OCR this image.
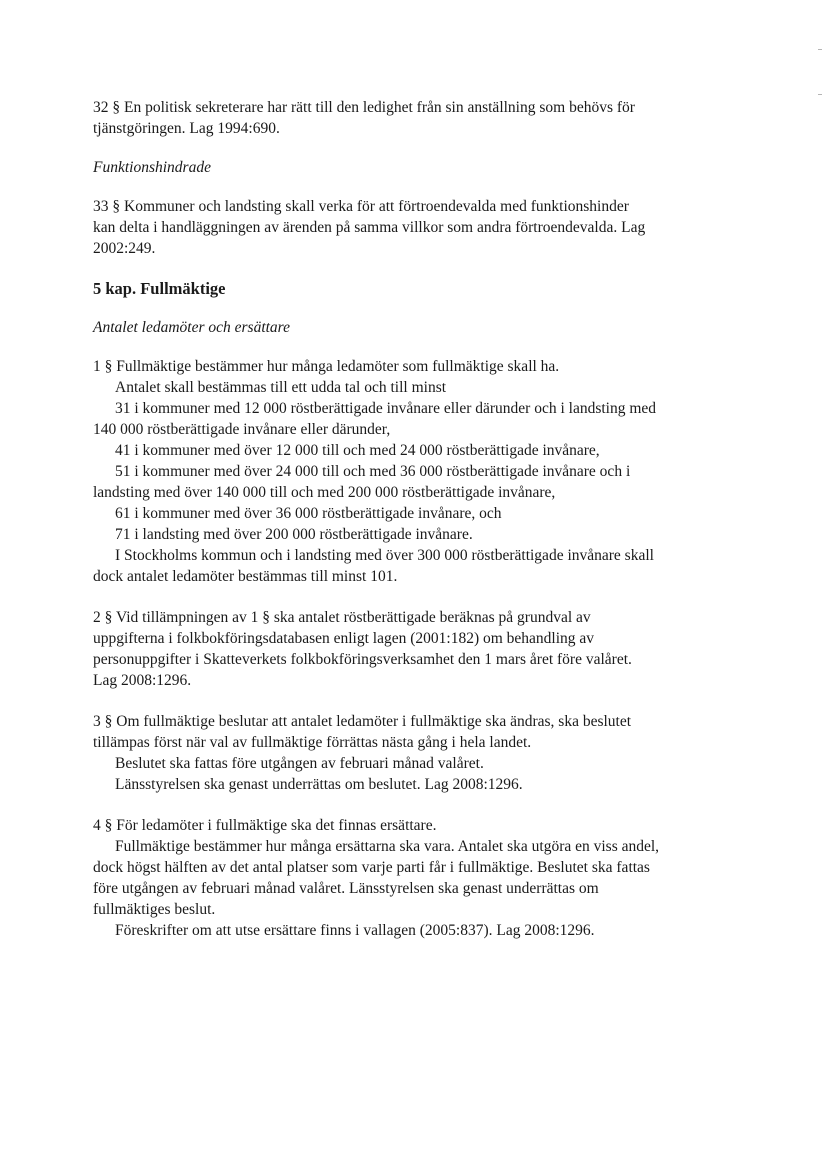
32 § En politisk sekreterare har rätt till den ledighet från sin anställning som behövs för
tjänstgöringen. Lag 1994:690.
Funktionshindrade
33 § Kommuner och landsting skall verka för att förtroendevalda med funktionshinder
kan delta i handläggningen av ärenden på samma villkor som andra förtroendevalda. Lag
2002:249.
5 kap. Fullmäktige
Antalet ledamöter och ersättare
1 § Fullmäktige bestämmer hur många ledamöter som fullmäktige skall ha.
Antalet skall bestämmas till ett udda tal och till minst
31 i kommuner med 12 000 röstberättigade invånare eller därunder och i landsting med
140 000 röstberättigade invånare eller därunder,
41 i kommuner med över 12 000 till och med 24 000 röstberättigade invånare,
51 i kommuner med över 24 000 till och med 36 000 röstberättigade invånare och i
landsting med över 140 000 till och med 200 000 röstberättigade invånare,
61 i kommuner med över 36 000 röstberättigade invånare, och
71 i landsting med över 200 000 röstberättigade invånare.
I Stockholms kommun och i landsting med över 300 000 röstberättigade invånare skall
dock antalet ledamöter bestämmas till minst 101.
2 § Vid tillämpningen av 1 § ska antalet röstberättigade beräknas på grundval av
uppgifterna i folkbokföringsdatabasen enligt lagen (2001:182) om behandling av
personuppgifter i Skatteverkets folkbokföringsverksamhet den 1 mars året före valåret.
Lag 2008:1296.
3 § Om fullmäktige beslutar att antalet ledamöter i fullmäktige ska ändras, ska beslutet
tillämpas först när val av fullmäktige förrättas nästa gång i hela landet.
Beslutet ska fattas före utgången av februari månad valåret.
Länsstyrelsen ska genast underrättas om beslutet. Lag 2008:1296.
4 § För ledamöter i fullmäktige ska det finnas ersättare.
Fullmäktige bestämmer hur många ersättarna ska vara. Antalet ska utgöra en viss andel,
dock högst hälften av det antal platser som varje parti får i fullmäktige. Beslutet ska fattas
före utgången av februari månad valåret. Länsstyrelsen ska genast underrättas om
fullmäktiges beslut.
Föreskrifter om att utse ersättare finns i vallagen (2005:837). Lag 2008:1296.
